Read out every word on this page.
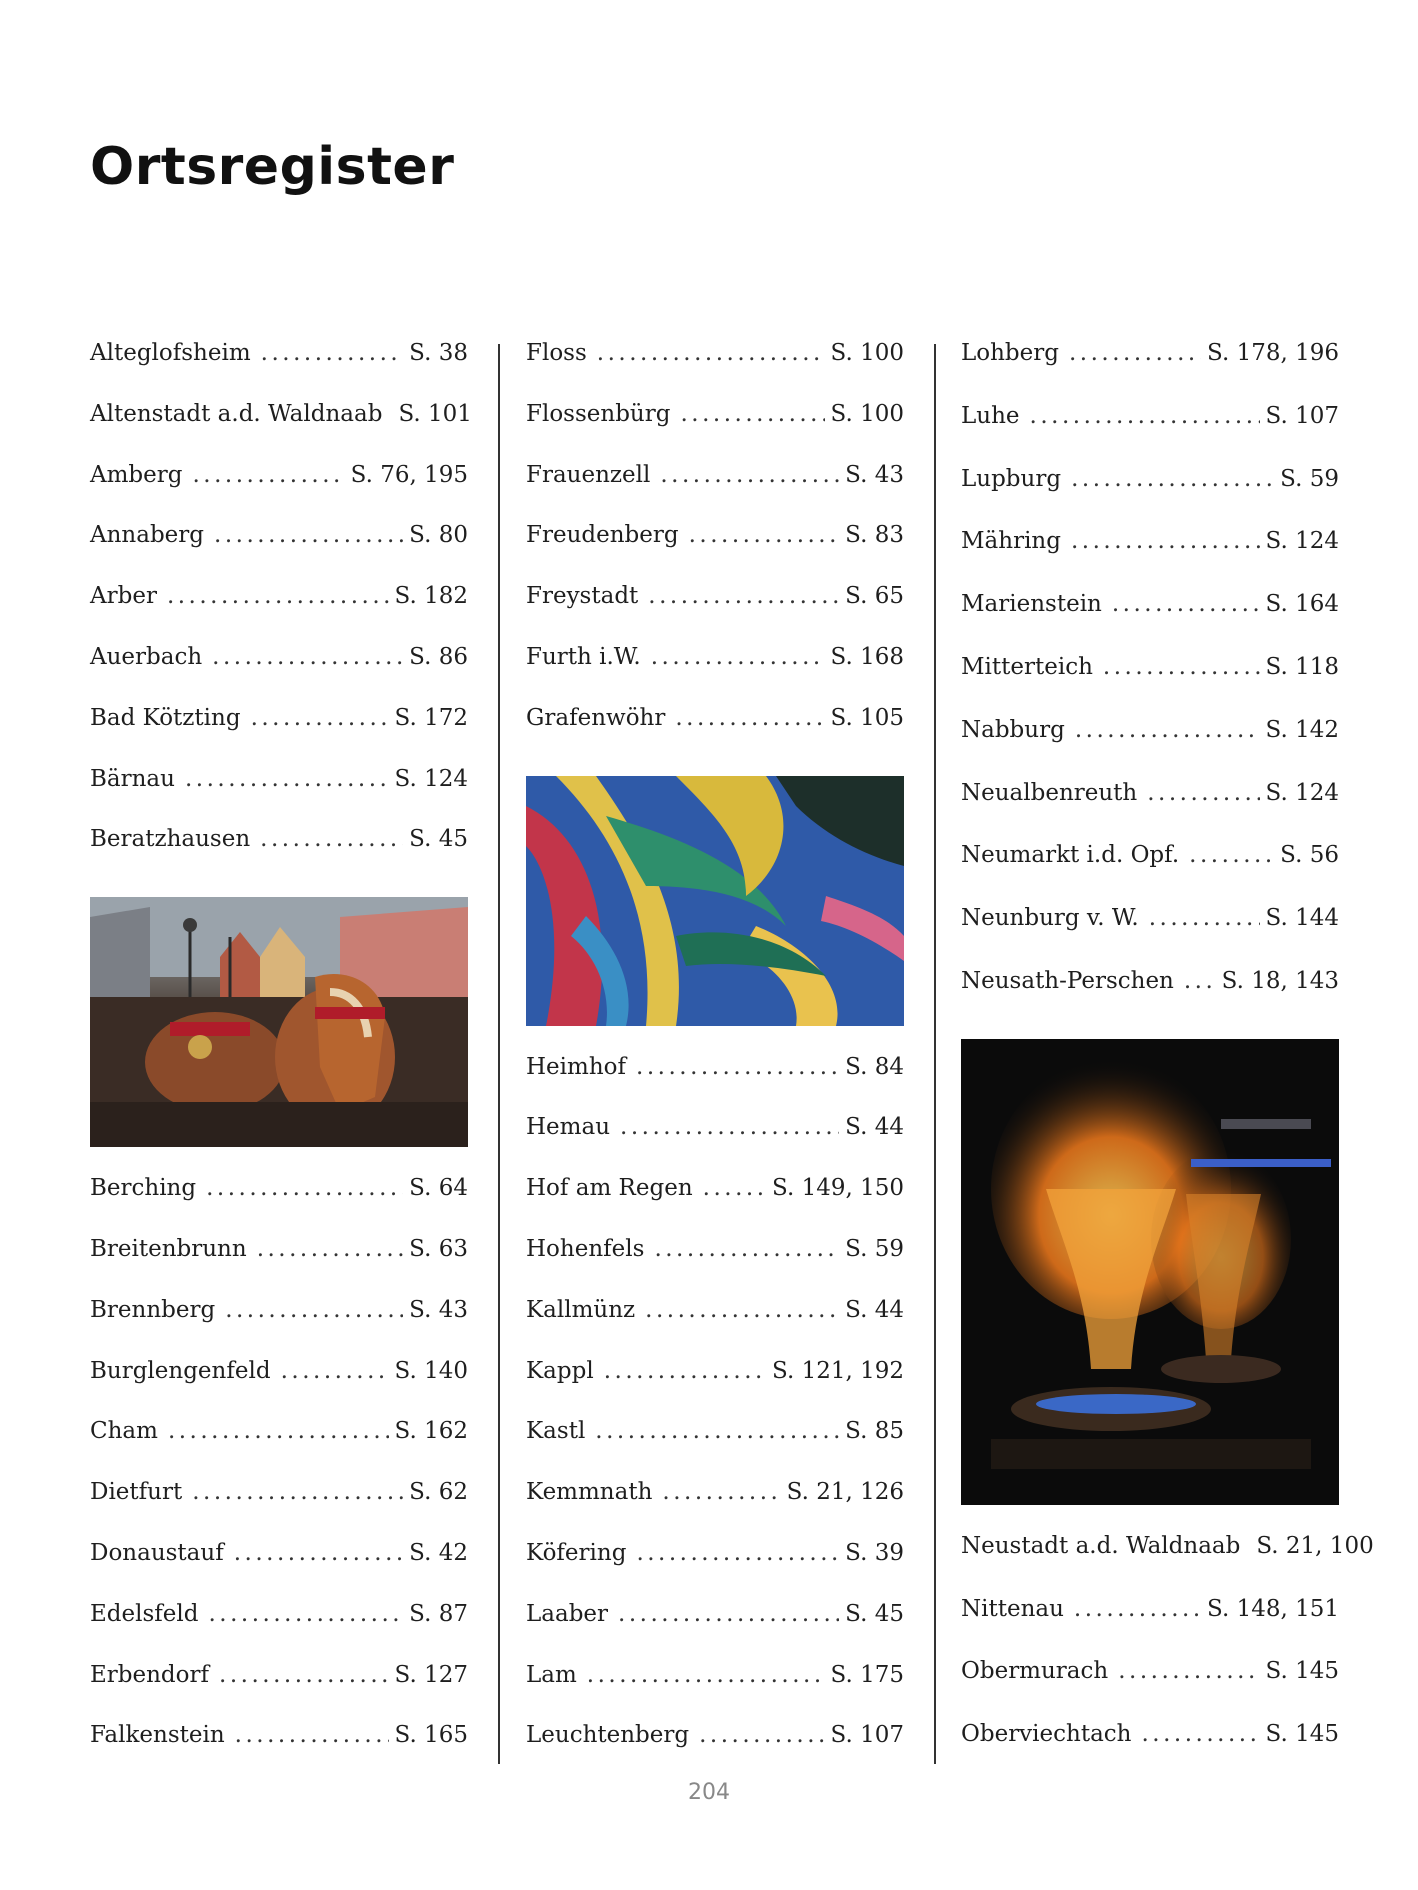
Ortsregister
Alteglofsheim .....	S. 38
Altenstadt a.d. Waldnaab S. 101
Amberg .....	S. 76, 195
Annaberg .....	S. 80
Arber .....	S. 182
Auerbach .....	S. 86
Bad Kötzting .....	S. 172
Bärnau .....	S. 124
Beratzhausen .....	S. 45
Berching .....	S. 64
Breitenbrunn .....	S. 63
Brennberg .....	S. 43
Burglengenfeld .....	S. 140
Cham .....	S. 162
Dietfurt .....	S. 62
Donaustauf .....	S. 42
Edelsfeld .....	S. 87
Erbendorf .....	S. 127
Falkenstein .....	S. 165
Floss .....	S. 100
Flossenbürg .....	S. 100
Frauenzell .....	S. 43
Freudenberg .....	S. 83
Freystadt .....	S. 65
Furth i.W. .....	S. 168
Grafenwöhr .....	S. 105
Heimhof .....	S. 84
Hemau .....	S. 44
Hof am Regen .....	S. 149, 150
Hohenfels .....	S. 59
Kallmünz .....	S. 44
Kappl .....	S. 121, 192
Kastl .....	S. 85
Kemmnath .....	S. 21, 126
Köfering .....	S. 39
Laaber .....	S. 45
Lam .....	S. 175
Leuchtenberg .....	S. 107
Lohberg .....	S. 178, 196
Luhe .....	S. 107
Lupburg .....	S. 59
Mähring .....	S. 124
Marienstein .....	S. 164
Mitterteich .....	S. 118
Nabburg .....	S. 142
Neualbenreuth .....	S. 124
Neumarkt i.d. Opf. .....	S. 56
Neunburg v. W. .....	S. 144
Neusath-Perschen ..... S. 18, 143
Neustadt a.d. Waldnaab S. 21, 100
Nittenau .....	S. 148, 151
Obermurach .....	S. 145
Oberviechtach .....	S. 145
204
